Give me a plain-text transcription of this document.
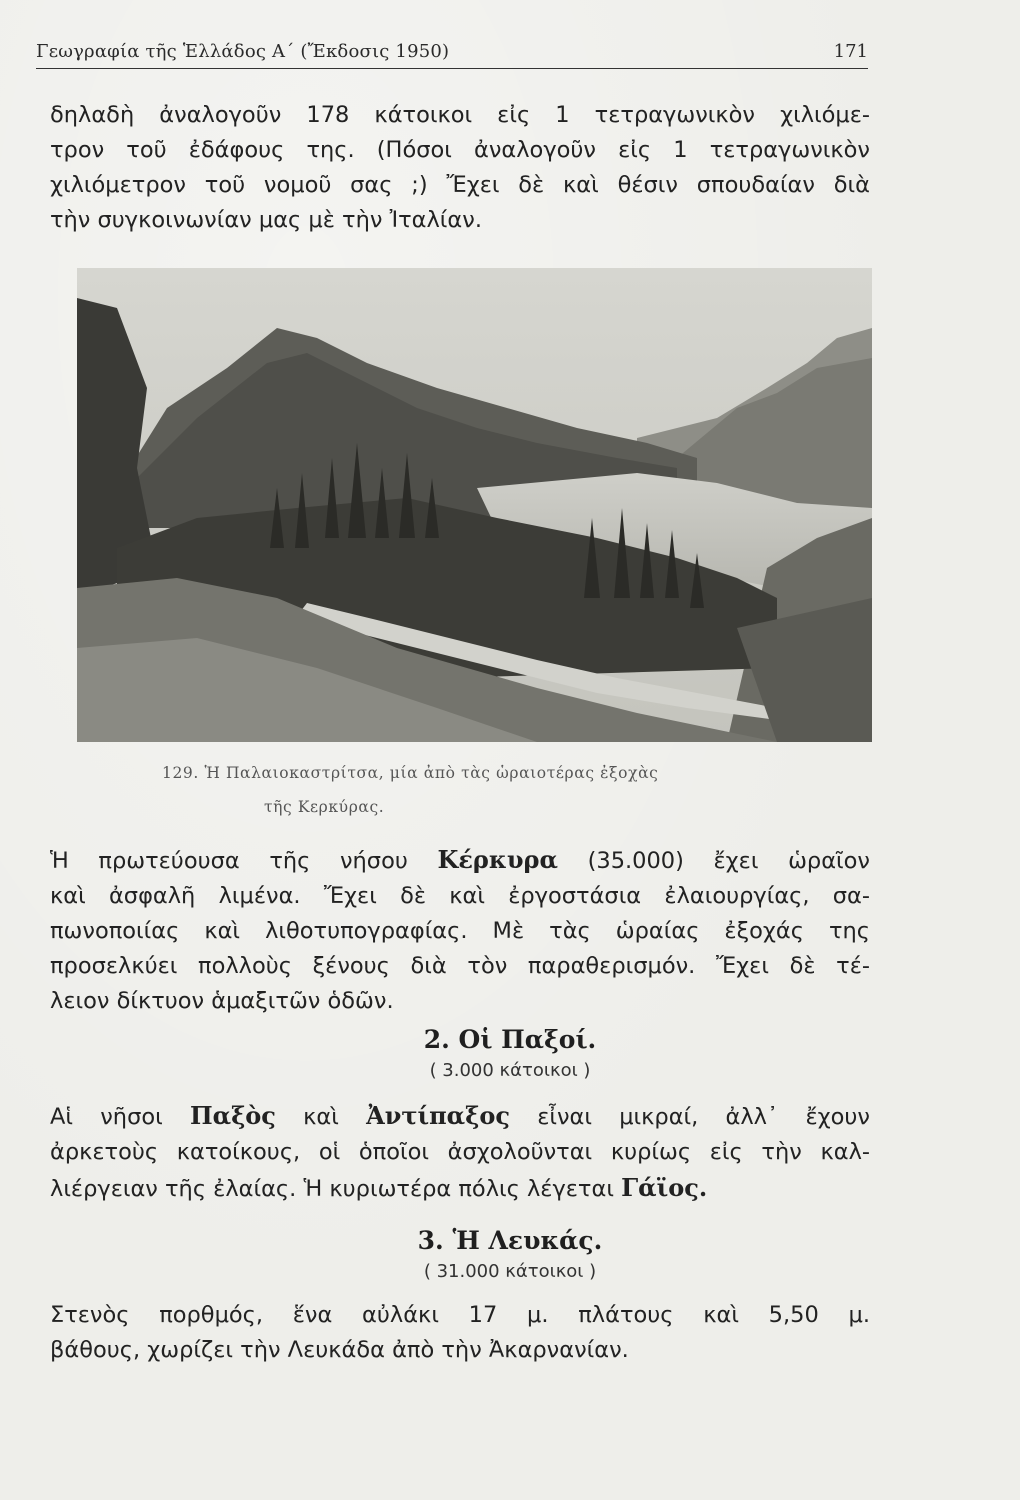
Γεωγραφία τῆς Ἑλλάδος Α΄ (Ἔκδοσις 1950)	171
δηλαδὴ ἀναλογοῦν 178 κάτοικοι εἰς 1 τετραγωνικὸν χιλιόμε-
τρον τοῦ ἐδάφους της. (Πόσοι ἀναλογοῦν εἰς 1 τετραγωνικὸν
χιλιόμετρον τοῦ νομοῦ σας ;) Ἔχει δὲ καὶ θέσιν σπουδαίαν διὰ
τὴν συγκοινωνίαν μας μὲ τὴν Ἰταλίαν.
129. Ἡ Παλαιοκαστρίτσα, μία ἀπὸ τὰς ὡραιοτέρας ἐξοχὰς
τῆς Κερκύρας.
Ἡ πρωτεύουσα τῆς νήσου Κέρκυρα (35.000) ἔχει ὡραῖον
καὶ ἀσφαλῆ λιμένα. Ἔχει δὲ καὶ ἐργοστάσια ἐλαιουργίας, σα-
πωνοποιίας καὶ λιθοτυπογραφίας. Μὲ τὰς ὡραίας ἐξοχάς της
προσελκύει πολλοὺς ξένους διὰ τὸν παραθερισμόν. Ἔχει δὲ τέ-
λειον δίκτυον ἁμαξιτῶν ὁδῶν.
2. Οἱ Παξοί.
( 3.000 κάτοικοι )
Αἱ νῆσοι Παξὸς καὶ Ἀντίπαξος εἶναι μικραί, ἀλλ᾽ ἔχουν
ἀρκετοὺς κατοίκους, οἱ ὁποῖοι ἀσχολοῦνται κυρίως εἰς τὴν καλ-
λιέργειαν τῆς ἐλαίας. Ἡ κυριωτέρα πόλις λέγεται Γάϊος.
3. Ἡ Λευκάς.
( 31.000 κάτοικοι )
Στενὸς πορθμός, ἕνα αὐλάκι 17 μ. πλάτους καὶ 5,50 μ.
βάθους, χωρίζει τὴν Λευκάδα ἀπὸ τὴν Ἀκαρνανίαν.
